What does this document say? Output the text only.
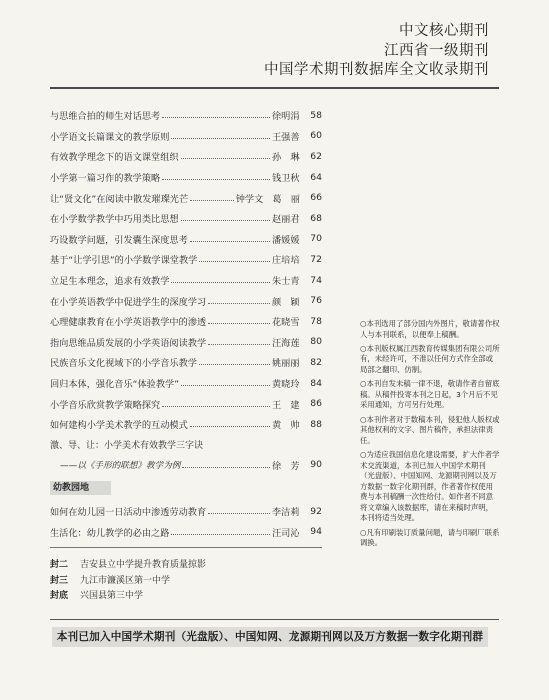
中文核心期刊
江西省一级期刊
中国学术期刊数据库全文收录期刊
与思维合拍的师生对话思考	徐明涓	58
小学语文长篇课文的教学原则	王强善	60
有效教学理念下的语文课堂组织	孙　琳	62
小学第一篇习作的教学策略	钱卫秋	64
让“贤文化”在阅读中散发璀璨光芒	钟学文　葛　丽	66
在小学数学教学中巧用类比思想	赵丽君	68
巧设数学问题，引发囊生深度思考	潘媛媛	70
基于“让学引思”的小学数学课堂教学	庄培培	72
立足生本理念，追求有效教学	朱士青	74
在小学英语教学中促进学生的深度学习	颜　颖	76
心理健康教育在小学英语教学中的渗透	花晓雪	78
指向思维品质发展的小学英语阅读教学	汪海莲	80
民族音乐文化视域下的小学音乐教学	姚丽丽	82
回归本体，强化音乐“体验教学”	黄晓玲	84
小学音乐欣赏教学策略探究	王　建	86
如何建构小学美术教学的互动模式	黄　帅	88
激、导、让：小学美术有效教学三字诀
——以《手形的联想》教学为例	徐　芳	90
幼教园地
如何在幼儿园一日活动中渗透劳动教育	李洁莉	92
生活化：幼儿教学的必由之路	汪司沁	94
封二	吉安县立中学提升教育质量掠影
封三	九江市濂溪区第一中学
封底	兴国县第三中学
○本刊选用了部分国内外图片，敬请著作权人与本刊联系，以便奉上稿酬。
○本刊版权属江西教育传媒集团有限公司所有，未经许可，不准以任何方式作全部或局部之翻印、仿制。
○本刊自发未稿一律不退，敬请作者自留底稿。从稿件投寄本刊之日起，3个月后不见采用通知，方可另行处理。
○本刊作者对于数稿本刊，侵犯他人版权或其他权利的文字、图片稿件，承担法律责任。
○为适应我国信息化建设需要，扩大作者学术交流渠道，本刊已加入中国学术期刊（光盘版）、中国知网、龙源期刊网以及万方数据一数字化期刊群，作者著作权使用费与本刊稿酬一次性给付。如作者不同意将文章编入该数据库，请在来稿时声明，本刊将适当处理。
○凡有印刷装订质量问题，请与印刷厂联系调换。
本刊已加入中国学术期刊（光盘版）、中国知网、龙源期刊网以及万方数据一数字化期刊群
